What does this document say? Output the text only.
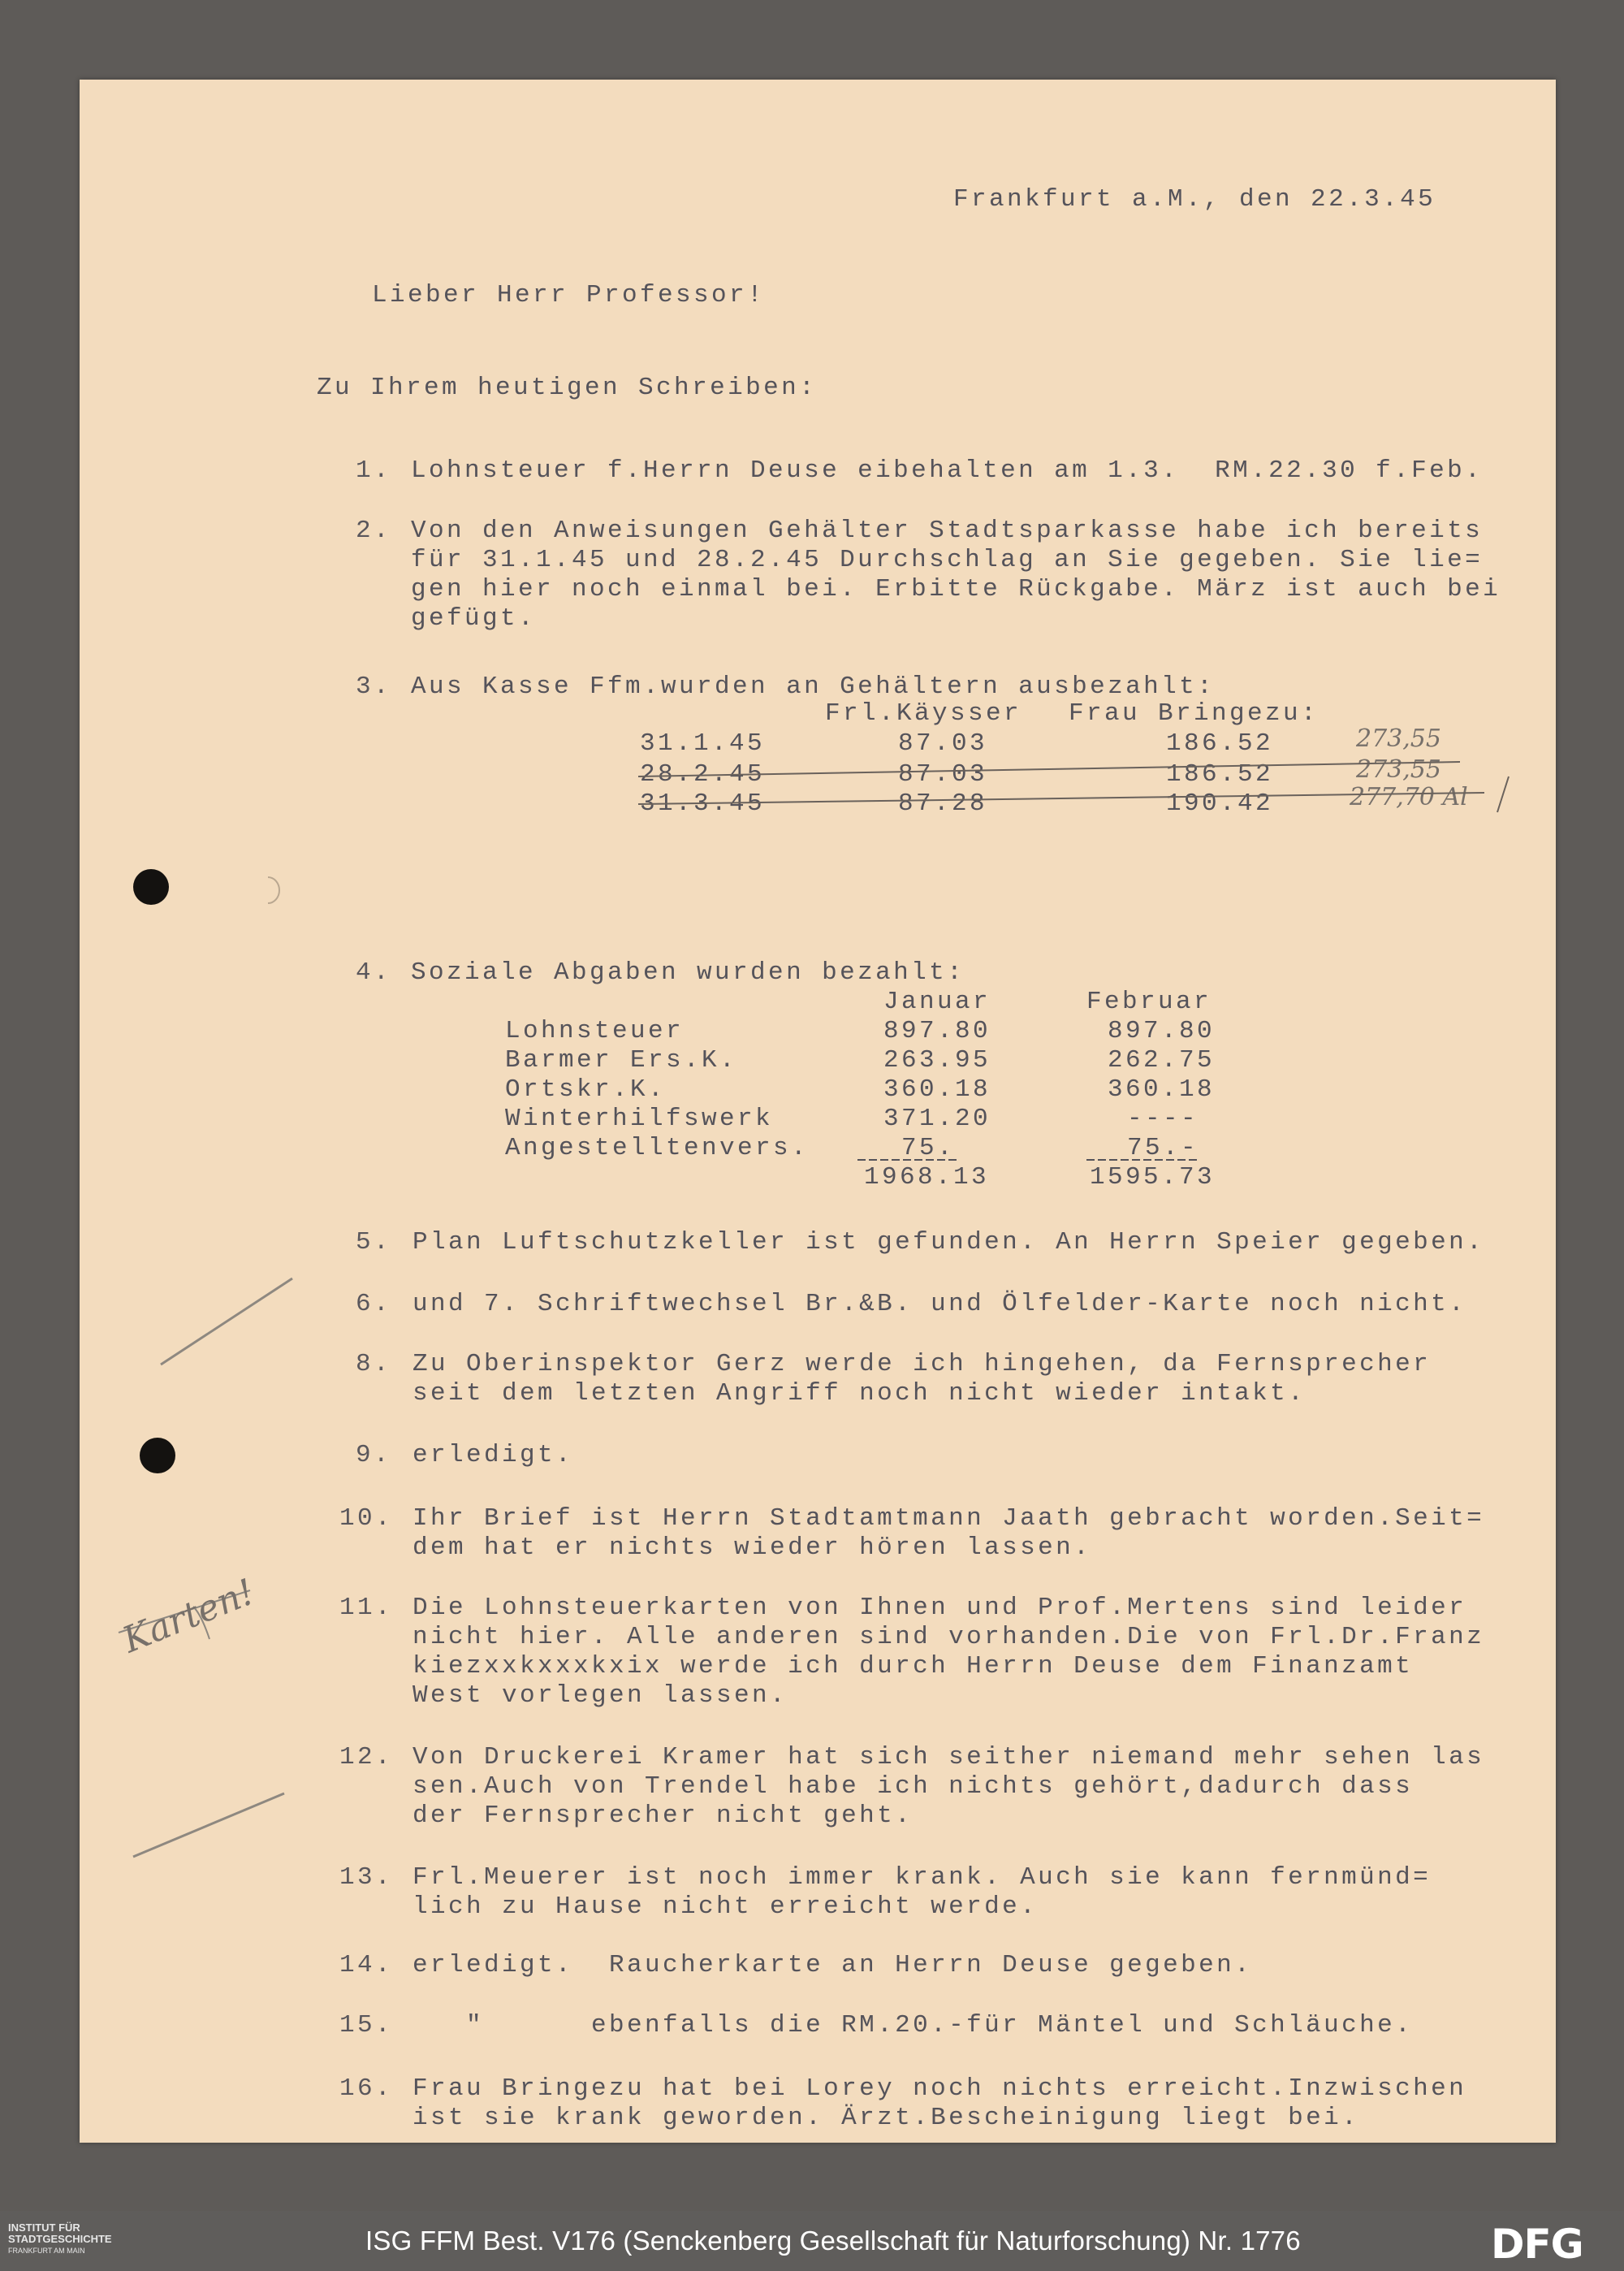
Frankfurt a.M., den 22.3.45
Lieber Herr Professor!
Zu Ihrem heutigen Schreiben:
1. Lohnsteuer f.Herrn Deuse eibehalten am 1.3.  RM.22.30 f.Feb.
2. Von den Anweisungen Gehälter Stadtsparkasse habe ich bereits
für 31.1.45 und 28.2.45 Durchschlag an Sie gegeben. Sie lie=
gen hier noch einmal bei. Erbitte Rückgabe. März ist auch bei
gefügt.
3. Aus Kasse Ffm.wurden an Gehältern ausbezahlt:
Frl.Käysser Frau Bringezu:
31.1.45	87.03	186.52	273,55
28.2.45	87.03	186.52	273,55
31.3.45	87.28	190.42	277,70 Al
4. Soziale Abgaben wurden bezahlt:
Januar	Februar
Lohnsteuer	897.80	897.80
Barmer Ers.K.	263.95	262.75
Ortskr.K.	360.18	360.18
Winterhilfswerk	371.20	----
Angestelltenvers.	75.	75.-
1968.13	1595.73
5. Plan Luftschutzkeller ist gefunden. An Herrn Speier gegeben.
6. und 7. Schriftwechsel Br.&B. und Ölfelder-Karte noch nicht.
8. Zu Oberinspektor Gerz werde ich hingehen, da Fernsprecher
seit dem letzten Angriff noch nicht wieder intakt.
9. erledigt.
10. Ihr Brief ist Herrn Stadtamtmann Jaath gebracht worden.Seit=
dem hat er nichts wieder hören lassen.
11. Die Lohnsteuerkarten von Ihnen und Prof.Mertens sind leider
nicht hier. Alle anderen sind vorhanden.Die von Frl.Dr.Franz
kiezxxkxxxkxix werde ich durch Herrn Deuse dem Finanzamt
West vorlegen lassen.
12. Von Druckerei Kramer hat sich seither niemand mehr sehen las
sen.Auch von Trendel habe ich nichts gehört,dadurch dass
der Fernsprecher nicht geht.
13. Frl.Meuerer ist noch immer krank. Auch sie kann fernmünd=
lich zu Hause nicht erreicht werde.
14. erledigt.  Raucherkarte an Herrn Deuse gegeben.
15. "      ebenfalls die RM.20.-für Mäntel und Schläuche.
16. Frau Bringezu hat bei Lorey noch nichts erreicht.Inzwischen
ist sie krank geworden. Ärzt.Bescheinigung liegt bei.
Karten!
INSTITUT FÜR
STADTGESCHICHTE
FRANKFURT AM MAIN	ISG FFM Best. V176 (Senckenberg Gesellschaft für Naturforschung) Nr. 1776	DFG
